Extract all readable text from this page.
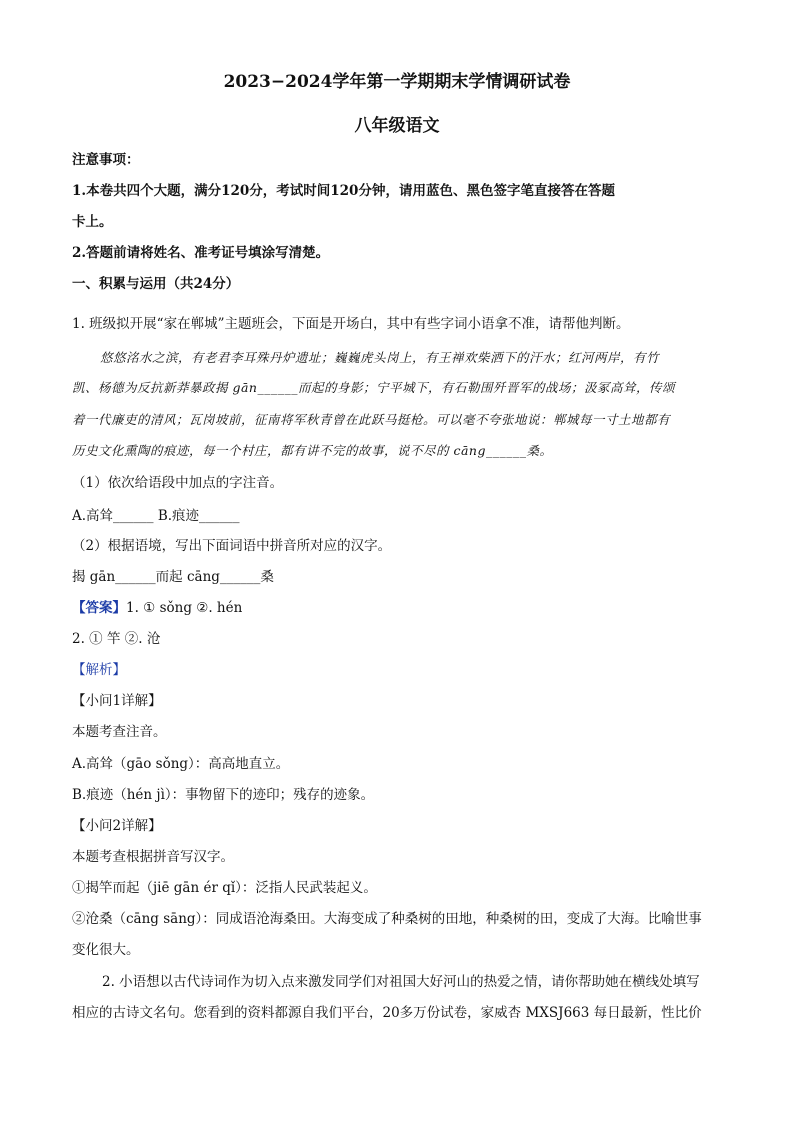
2023−2024学年第一学期期末学情调研试卷
八年级语文
注意事项：
1.本卷共四个大题，满分120分，考试时间120分钟，请用蓝色、黑色签字笔直接答在答题
卡上。
2.答题前请将姓名、准考证号填涂写清楚。
一、积累与运用（共24分）
1. 班级拟开展“家在郸城”主题班会，下面是开场白，其中有些字词小语拿不准，请帮他判断。
悠悠洺水之滨，有老君李耳殊丹炉遗址；巍巍虎头岗上，有王禅欢柴洒下的汗水；红河两岸，有竹
凯、杨德为反抗新莽暴政揭 gān______而起的身影；宁平城下，有石勒围歼晋军的战场；汲冢高耸，传颂
着一代廉吏的清风；瓦岗坡前，征南将军秋青曾在此跃马挺枪。可以毫不夸张地说：郸城每一寸土地都有
历史文化熏陶的痕迹，每一个村庄，都有讲不完的故事，说不尽的 cāng______桑。
（1）依次给语段中加点的字注音。
A.高耸______ B.痕迹______
（2）根据语境，写出下面词语中拼音所对应的汉字。
揭 gān______而起 cāng______桑
【答案】1. ① sǒng ②. hén
2. ① 竿 ②. 沧
【解析】
【小问1详解】
本题考查注音。
A.高耸（gāo sǒng）：高高地直立。
B.痕迹（hén jì）：事物留下的迹印；残存的迹象。
【小问2详解】
本题考查根据拼音写汉字。
①揭竿而起（jiē gān ér qǐ）：泛指人民武装起义。
②沧桑（cāng sāng）：同成语沧海桑田。大海变成了种桑树的田地，种桑树的田，变成了大海。比喻世事
变化很大。
2. 小语想以古代诗词作为切入点来激发同学们对祖国大好河山的热爱之情，请你帮助她在横线处填写
相应的古诗文名句。您看到的资料都源自我们平台，20多万份试卷，家威杏 MXSJ663 每日最新，性比价
